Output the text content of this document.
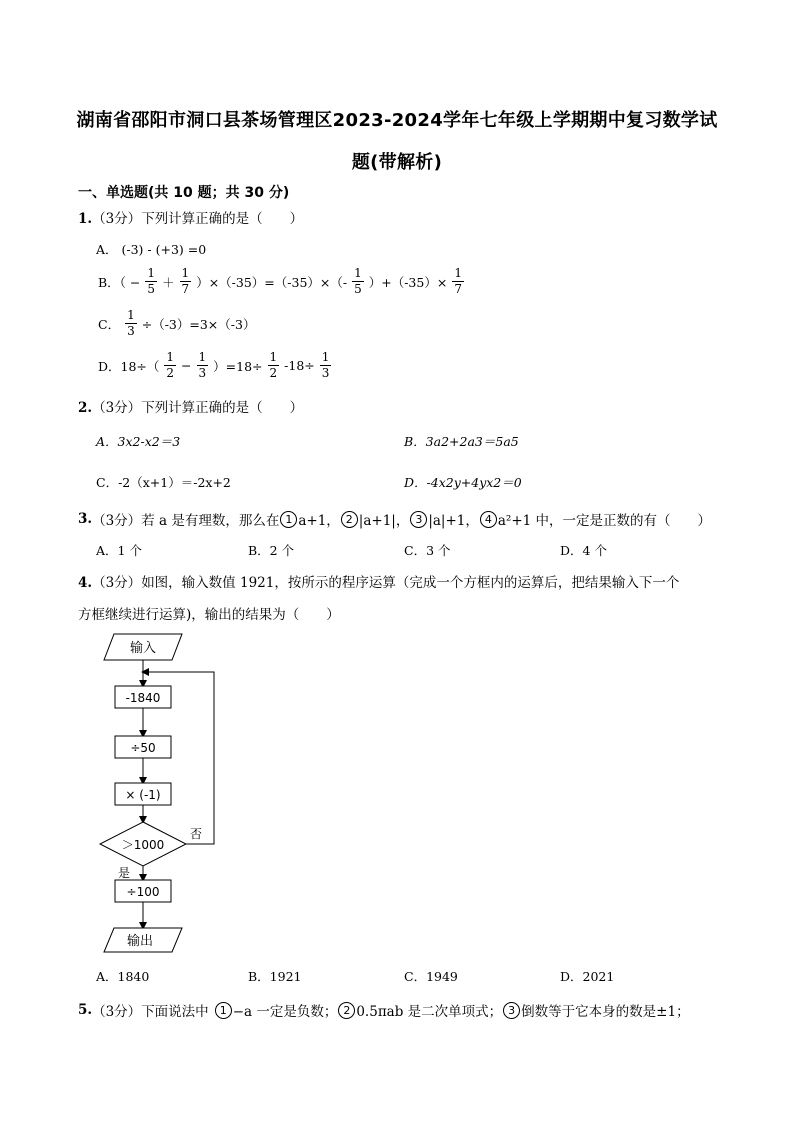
湖南省邵阳市洞口县茶场管理区2023-2024学年七年级上学期期中复习数学试
题(带解析)
一、单选题(共 10 题；共 30 分)
1.（3分）下列计算正确的是（　　）
A． (-3) - (+3) =0
B．（ − $\frac{1}{5} + \frac{1}{7} )\times(-35)=(-35)\times(- \frac{1}{5} )+(-35)\times \frac{1}{7}$
C． $\frac{1}{3} \div(-3)=3\times(-3)$
D．$18\div( \frac{1}{2} - \frac{1}{3} )=18\div \frac{1}{2} -18\div \frac{1}{3}$
2.（3分）下列计算正确的是（　　）
A．3x2-x2＝3	B．3a2+2a3＝5a5
C．-2（x+1）＝-2x+2	D．-4x2y+4yx2＝0
3. （3分） 若 a 是有理数，那么在 1 a+1， 2 |a+1|， 3 |a|+1， 4 a²+1 中，一定是正数的有（　　）
A．1 个	B．2 个	C．3 个	D．4 个
4.（3分）如图，输入数值 1921，按所示的程序运算（完成一个方框内的运算后，把结果输入下一个
方框继续进行运算)，输出的结果为（　　）
输入
-1840
÷50
× (-1)
＞1000
否
是
÷100
输出
A．1840	B．1921	C．1949	D．2021
5. （3分） 下面说法中	1 −a 一定是负数； 2 0.5πab 是二次单项式； 3 倒数等于它本身的数是±1；
